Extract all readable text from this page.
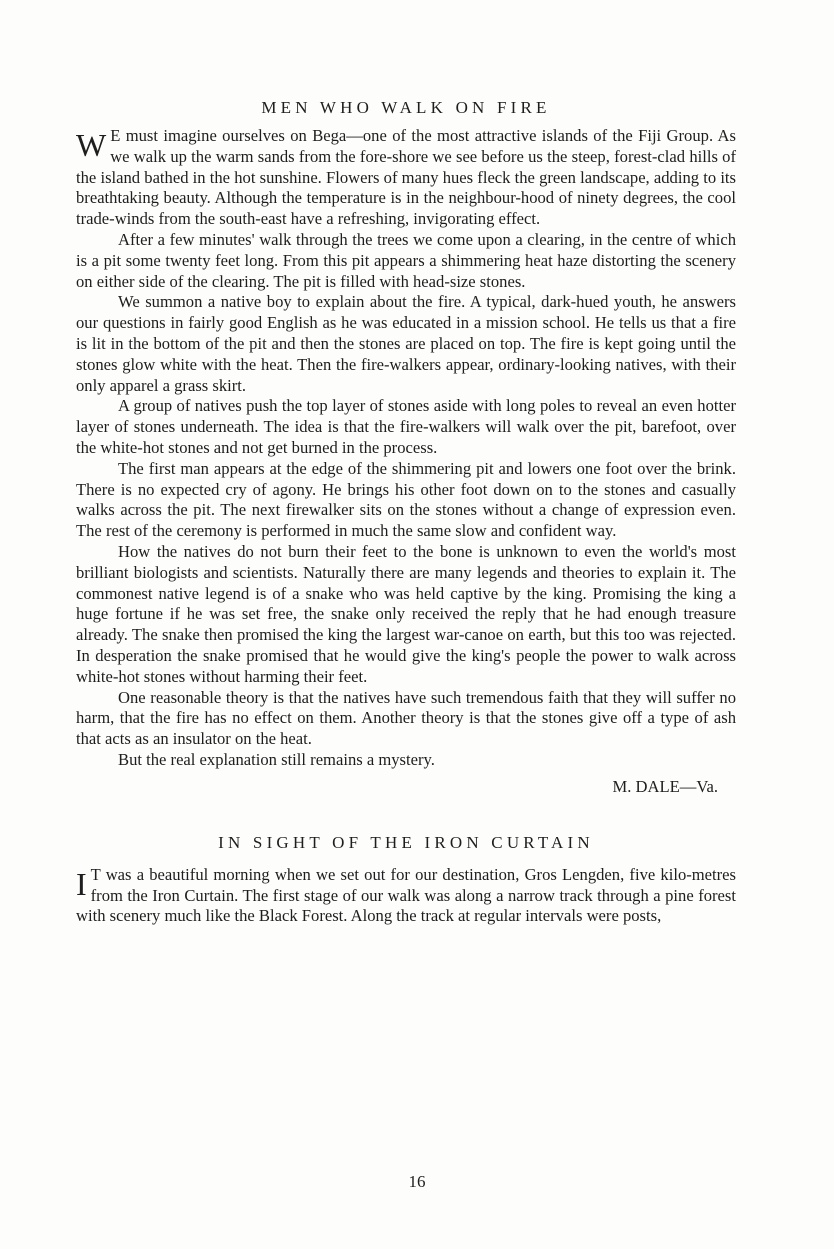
MEN WHO WALK ON FIRE

W E must imagine ourselves on Bega—one of the most attractive islands of the Fiji Group. As we walk up the warm sands from the fore-shore we see before us the steep, forest-clad hills of the island bathed in the hot sunshine. Flowers of many hues fleck the green landscape, adding to its breathtaking beauty. Although the temperature is in the neighbour-hood of ninety degrees, the cool trade-winds from the south-east have a refreshing, invigorating effect.

After a few minutes' walk through the trees we come upon a clearing, in the centre of which is a pit some twenty feet long. From this pit appears a shimmering heat haze distorting the scenery on either side of the clearing. The pit is filled with head-size stones.

We summon a native boy to explain about the fire. A typical, dark-hued youth, he answers our questions in fairly good English as he was educated in a mission school. He tells us that a fire is lit in the bottom of the pit and then the stones are placed on top. The fire is kept going until the stones glow white with the heat. Then the fire-walkers appear, ordinary-looking natives, with their only apparel a grass skirt.

A group of natives push the top layer of stones aside with long poles to reveal an even hotter layer of stones underneath. The idea is that the fire-walkers will walk over the pit, barefoot, over the white-hot stones and not get burned in the process.

The first man appears at the edge of the shimmering pit and lowers one foot over the brink. There is no expected cry of agony. He brings his other foot down on to the stones and casually walks across the pit. The next firewalker sits on the stones without a change of expression even. The rest of the ceremony is performed in much the same slow and confident way.

How the natives do not burn their feet to the bone is unknown to even the world's most brilliant biologists and scientists. Naturally there are many legends and theories to explain it. The commonest native legend is of a snake who was held captive by the king. Promising the king a huge fortune if he was set free, the snake only received the reply that he had enough treasure already. The snake then promised the king the largest war-canoe on earth, but this too was rejected. In desperation the snake promised that he would give the king's people the power to walk across white-hot stones without harming their feet.

One reasonable theory is that the natives have such tremendous faith that they will suffer no harm, that the fire has no effect on them. Another theory is that the stones give off a type of ash that acts as an insulator on the heat.

But the real explanation still remains a mystery.

M. DALE—Va.
IN SIGHT OF THE IRON CURTAIN

I T was a beautiful morning when we set out for our destination, Gros Lengden, five kilo-metres from the Iron Curtain. The first stage of our walk was along a narrow track through a pine forest with scenery much like the Black Forest. Along the track at regular intervals were posts,

16
